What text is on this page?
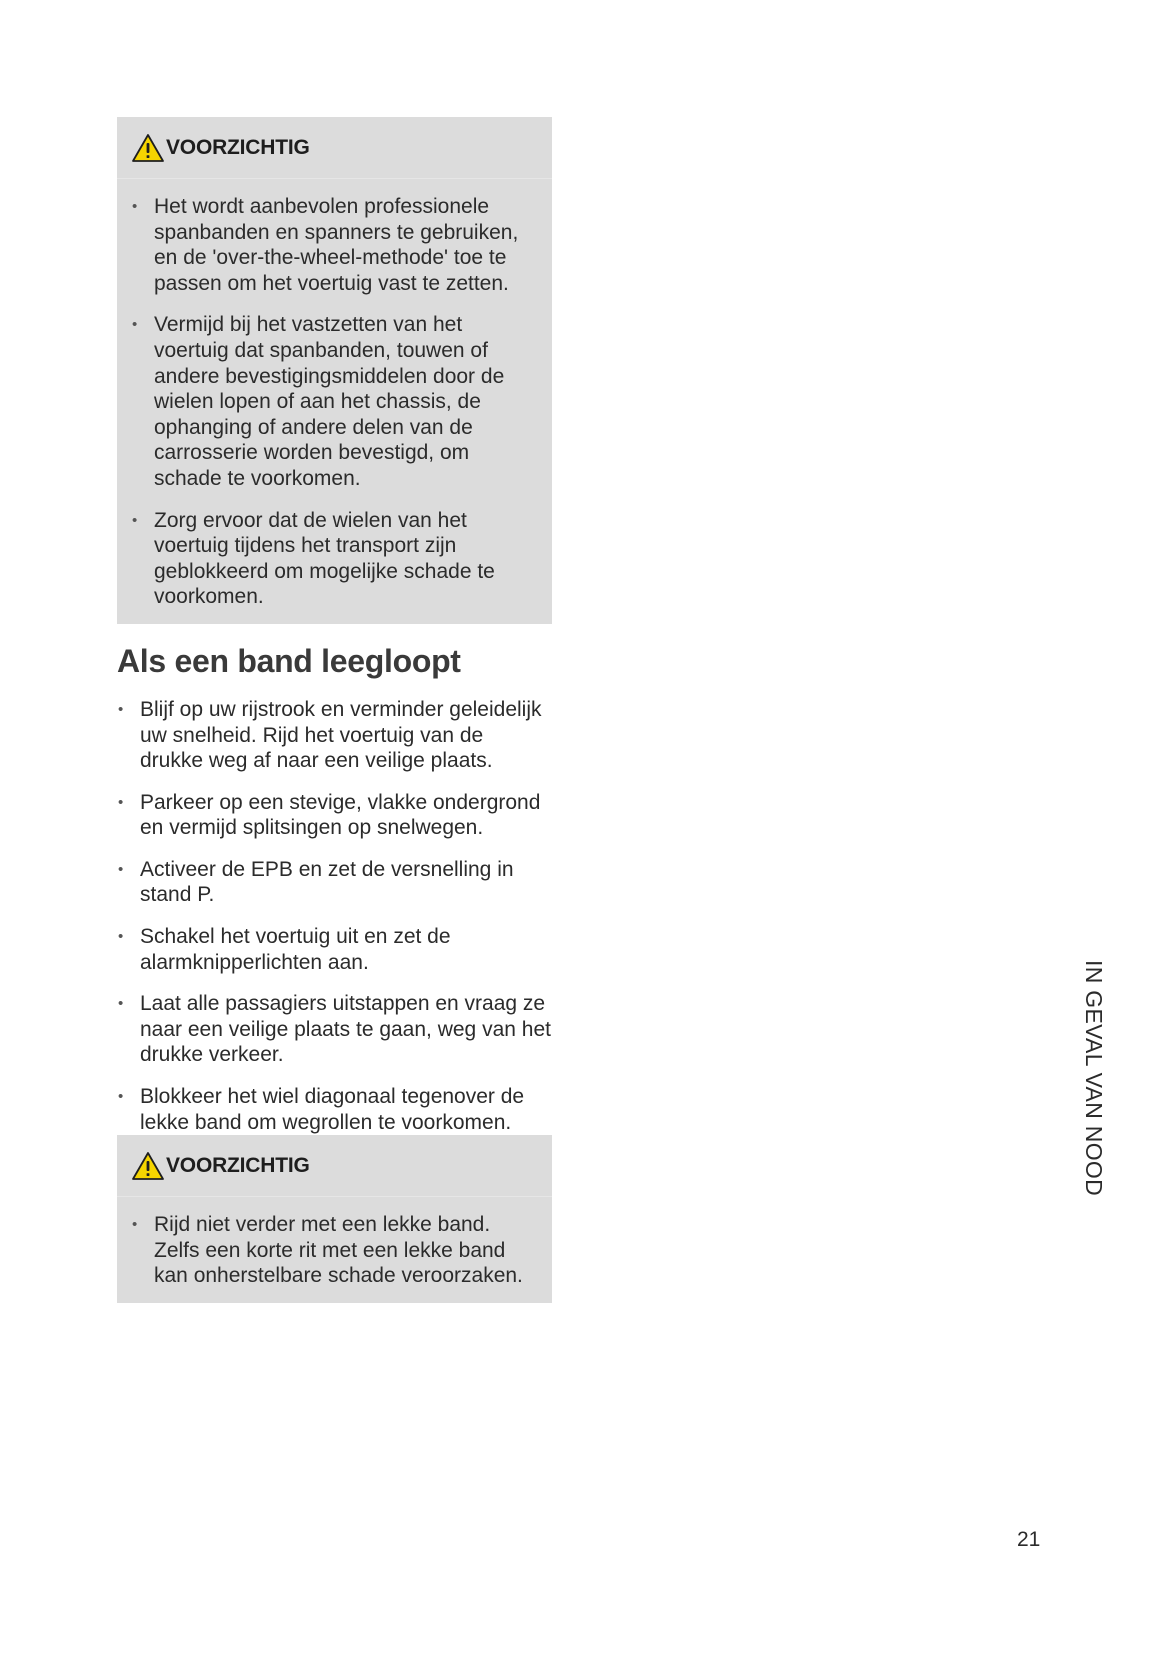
VOORZICHTIG
• Het wordt aanbevolen professionele spanbanden en spanners te gebruiken, en de 'over-the-wheel-methode' toe te passen om het voertuig vast te zetten.
• Vermijd bij het vastzetten van het voertuig dat spanbanden, touwen of andere bevestigingsmiddelen door de wielen lopen of aan het chassis, de ophanging of andere delen van de carrosserie worden bevestigd, om schade te voorkomen.
• Zorg ervoor dat de wielen van het voertuig tijdens het transport zijn geblokkeerd om mogelijke schade te voorkomen.
Als een band leegloopt
• Blijf op uw rijstrook en verminder geleidelijk uw snelheid. Rijd het voertuig van de drukke weg af naar een veilige plaats.
• Parkeer op een stevige, vlakke ondergrond en vermijd splitsingen op snelwegen.
• Activeer de EPB en zet de versnelling in stand P.
• Schakel het voertuig uit en zet de alarmknipperlichten aan.
• Laat alle passagiers uitstappen en vraag ze naar een veilige plaats te gaan, weg van het drukke verkeer.
• Blokkeer het wiel diagonaal tegenover de lekke band om wegrollen te voorkomen.
VOORZICHTIG
• Rijd niet verder met een lekke band. Zelfs een korte rit met een lekke band kan onherstelbare schade veroorzaken.
IN GEVAL VAN NOOD
21
